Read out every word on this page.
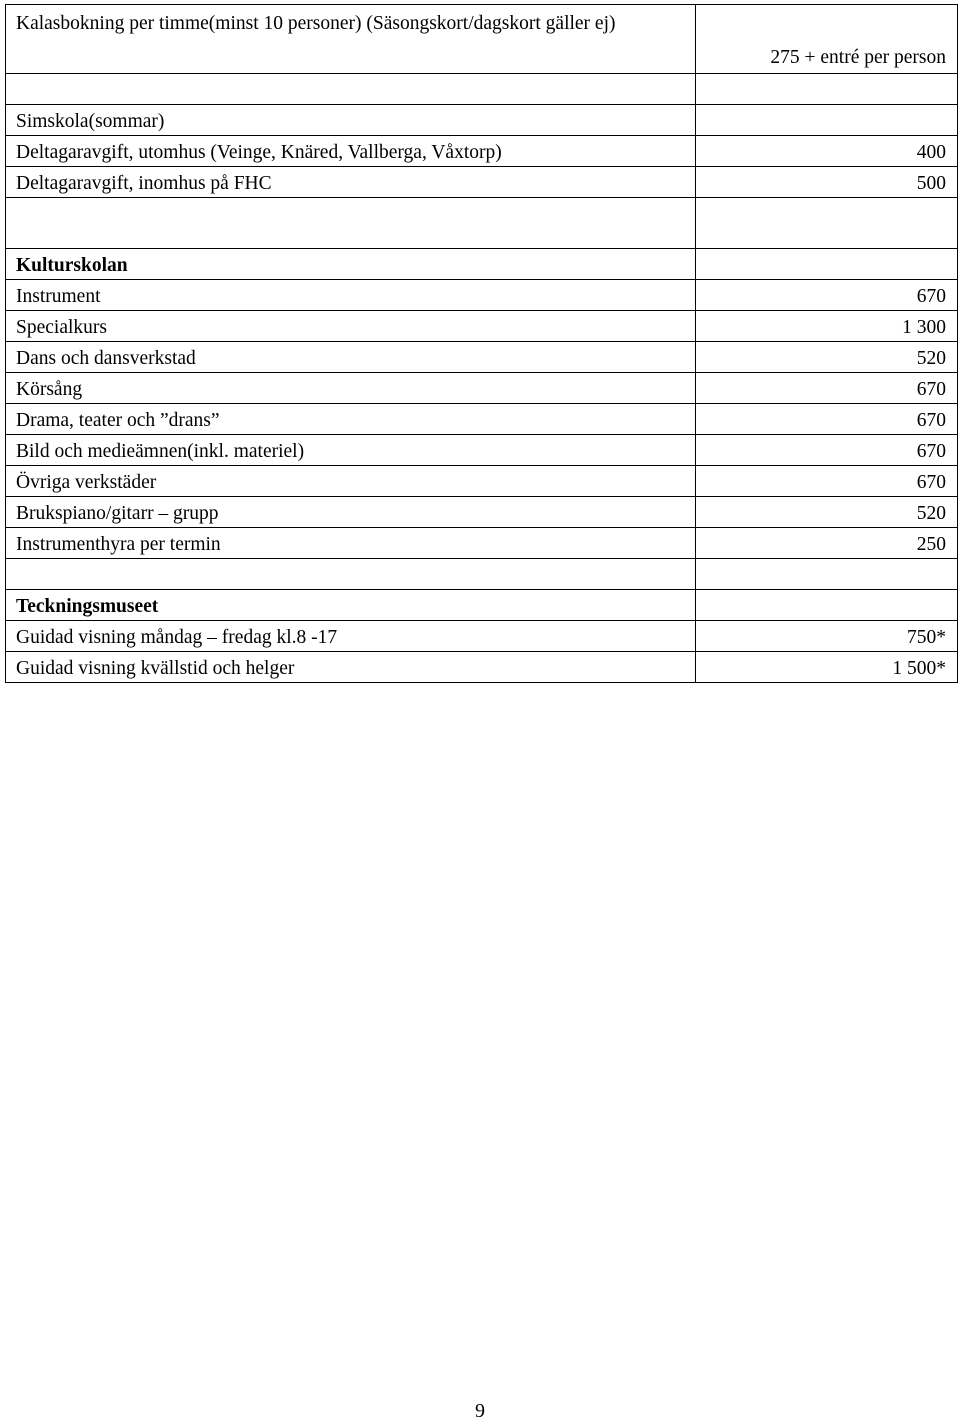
Kalasbokning per timme(minst 10 personer) (Säsongskort/dagskort gäller ej)	275 + entré per person

Simskola(sommar)	
Deltagaravgift, utomhus (Veinge, Knäred, Vallberga, Våxtorp)	400
Deltagaravgift, inomhus på FHC	500

Kulturskolan	
Instrument	670
Specialkurs	1 300
Dans och dansverkstad	520
Körsång	670
Drama, teater och ”drans”	670
Bild och medieämnen(inkl. materiel)	670
Övriga verkstäder	670
Brukspiano/gitarr – grupp	520
Instrumenthyra per termin	250

Teckningsmuseet	
Guidad visning måndag – fredag kl.8 -17	750*
Guidad visning kvällstid och helger	1 500*
9
